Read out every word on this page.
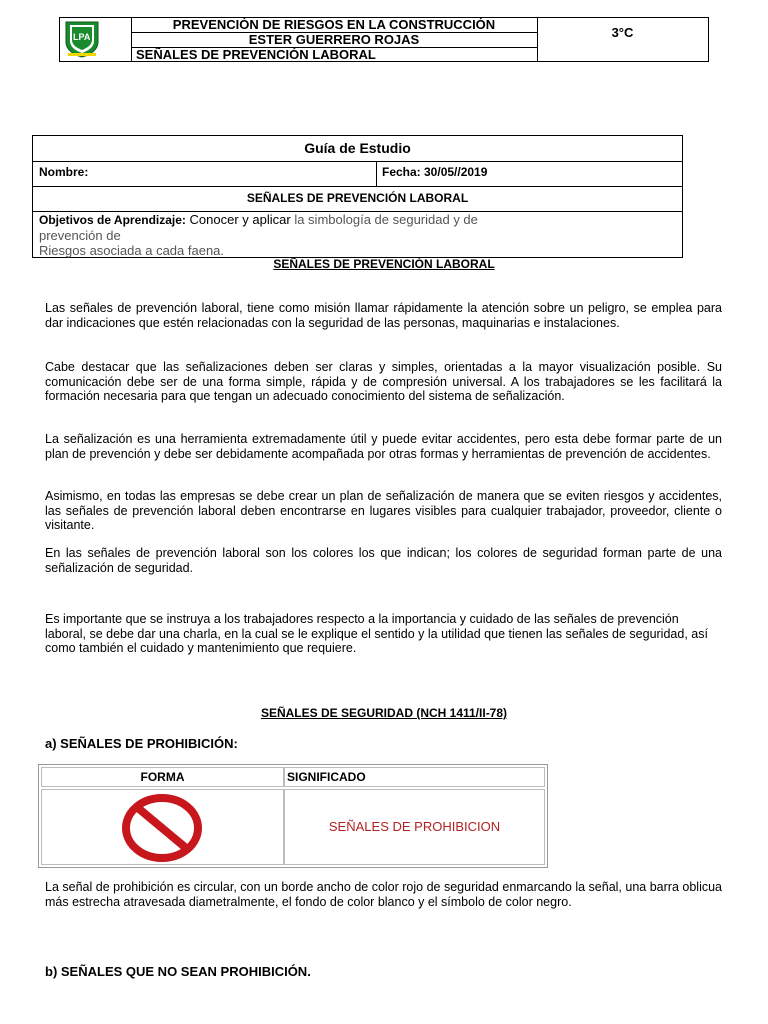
LPA
PREVENCIÓN DE RIESGOS EN LA CONSTRUCCIÓN
ESTER GUERRERO ROJAS
SEÑALES DE PREVENCIÓN LABORAL
3°C
Guía de Estudio
Nombre:	Fecha: 30/05//2019
SEÑALES DE PREVENCIÓN LABORAL
Objetivos de Aprendizaje: Conocer y aplicar la simbología de seguridad y de
prevención de
Riesgos asociada a cada faena.
SEÑALES DE PREVENCIÓN LABORAL

Las señales de prevención laboral, tiene como misión llamar rápidamente la atención sobre un peligro, se emplea para dar indicaciones que estén relacionadas con la seguridad de las personas, maquinarias e instalaciones.

Cabe destacar que las señalizaciones deben ser claras y simples, orientadas a la mayor visualización posible. Su comunicación debe ser de una forma simple, rápida y de compresión universal. A los trabajadores se les facilitará la formación necesaria para que tengan un adecuado conocimiento del sistema de señalización.

La señalización es una herramienta extremadamente útil y puede evitar accidentes, pero esta debe formar parte de un plan de prevención y debe ser debidamente acompañada por otras formas y herramientas de prevención de accidentes.

Asimismo, en todas las empresas se debe crear un plan de señalización de manera que se eviten riesgos y accidentes, las señales de prevención laboral deben encontrarse en lugares visibles para cualquier trabajador, proveedor, cliente o visitante.

En las señales de prevención laboral son los colores los que indican; los colores de seguridad forman parte de una señalización de seguridad.

Es importante que se instruya a los trabajadores respecto a la importancia y cuidado de las señales de prevención laboral, se debe dar una charla, en la cual se le explique el sentido y la utilidad que tienen las señales de seguridad, así como también el cuidado y mantenimiento que requiere.

SEÑALES DE SEGURIDAD (NCH 1411/II-78)
a) SEÑALES DE PROHIBICIÓN:
FORMA	SIGNIFICADO
SEÑALES DE PROHIBICION

La señal de prohibición es circular, con un borde ancho de color rojo de seguridad enmarcando la señal, una barra oblicua más estrecha atravesada diametralmente, el fondo de color blanco y el símbolo de color negro.

b) SEÑALES QUE NO SEAN PROHIBICIÓN.
